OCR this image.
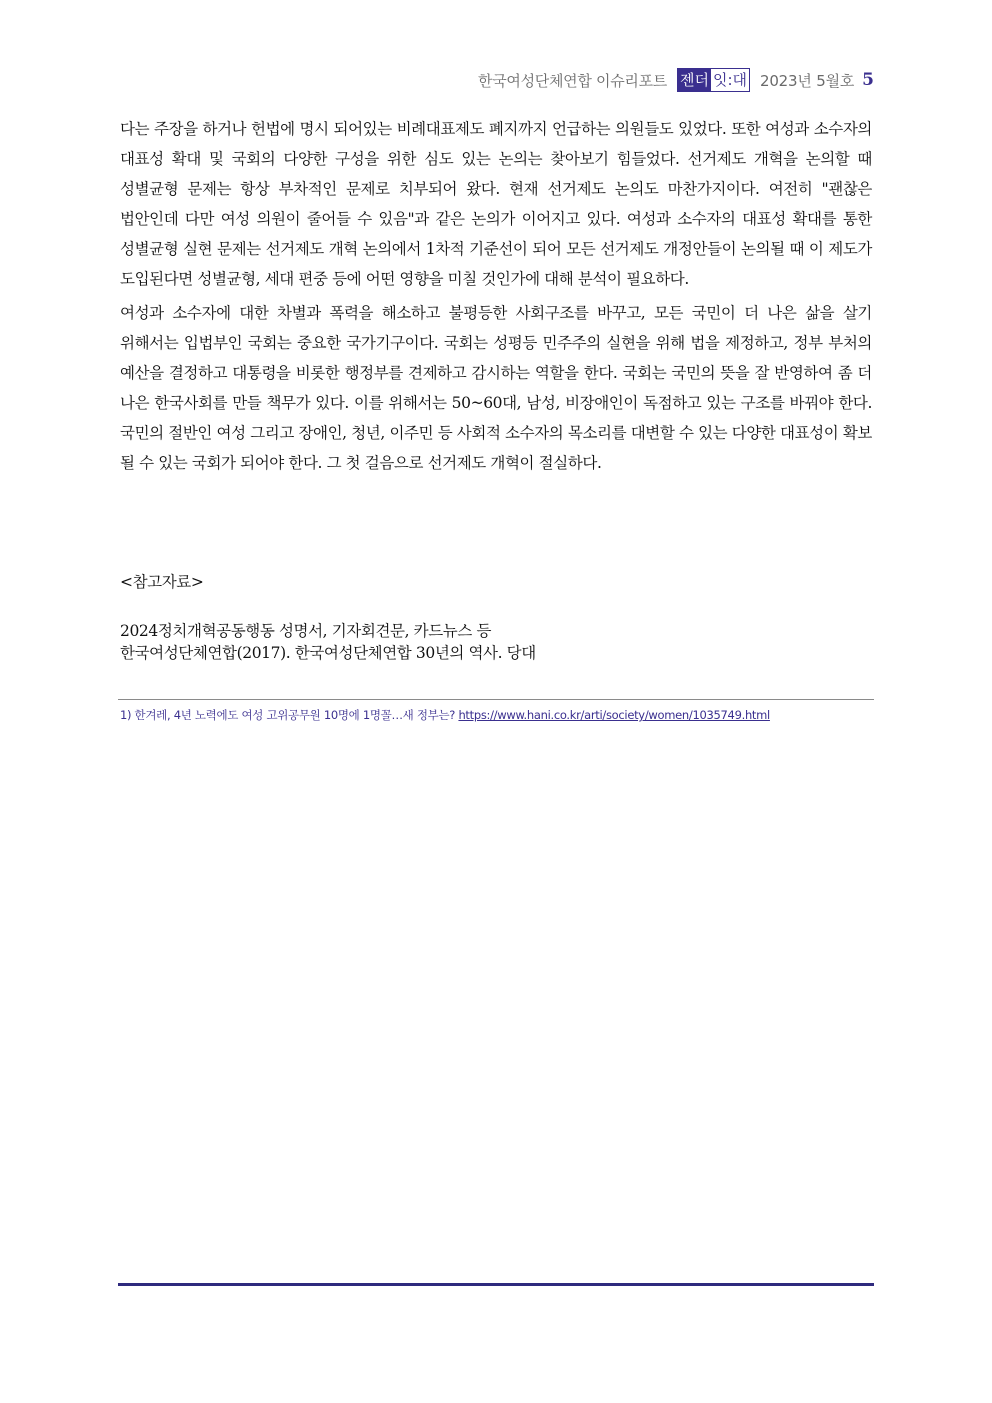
한국여성단체연합 이슈리포트 젠더 잇:대 2023년 5월호 5

다는 주장을 하거나 헌법에 명시 되어있는 비례대표제도 폐지까지 언급하는 의원들도 있었다. 또한 여성과 소수자의 대표성 확대 및 국회의 다양한 구성을 위한 심도 있는 논의는 찾아보기 힘들었다. 선거제도 개혁을 논의할 때 성별균형 문제는 항상 부차적인 문제로 치부되어 왔다. 현재 선거제도 논의도 마찬가지이다. 여전히 "괜찮은 법안인데 다만 여성 의원이 줄어들 수 있음"과 같은 논의가 이어지고 있다. 여성과 소수자의 대표성 확대를 통한 성별균형 실현 문제는 선거제도 개혁 논의에서 1차적 기준선이 되어 모든 선거제도 개정안들이 논의될 때 이 제도가 도입된다면 성별균형, 세대 편중 등에 어떤 영향을 미칠 것인가에 대해 분석이 필요하다.

여성과 소수자에 대한 차별과 폭력을 해소하고 불평등한 사회구조를 바꾸고, 모든 국민이 더 나은 삶을 살기 위해서는 입법부인 국회는 중요한 국가기구이다. 국회는 성평등 민주주의 실현을 위해 법을 제정하고, 정부 부처의 예산을 결정하고 대통령을 비롯한 행정부를 견제하고 감시하는 역할을 한다. 국회는 국민의 뜻을 잘 반영하여 좀 더 나은 한국사회를 만들 책무가 있다. 이를 위해서는 50~60대, 남성, 비장애인이 독점하고 있는 구조를 바꿔야 한다. 국민의 절반인 여성 그리고 장애인, 청년, 이주민 등 사회적 소수자의 목소리를 대변할 수 있는 다양한 대표성이 확보 될 수 있는 국회가 되어야 한다. 그 첫 걸음으로 선거제도 개혁이 절실하다.

<참고자료>

2024정치개혁공동행동 성명서, 기자회견문, 카드뉴스 등

한국여성단체연합(2017). 한국여성단체연합 30년의 역사. 당대

1) 한겨레, 4년 노력에도 여성 고위공무원 10명에 1명꼴…새 정부는? https://www.hani.co.kr/arti/society/women/1035749.html
